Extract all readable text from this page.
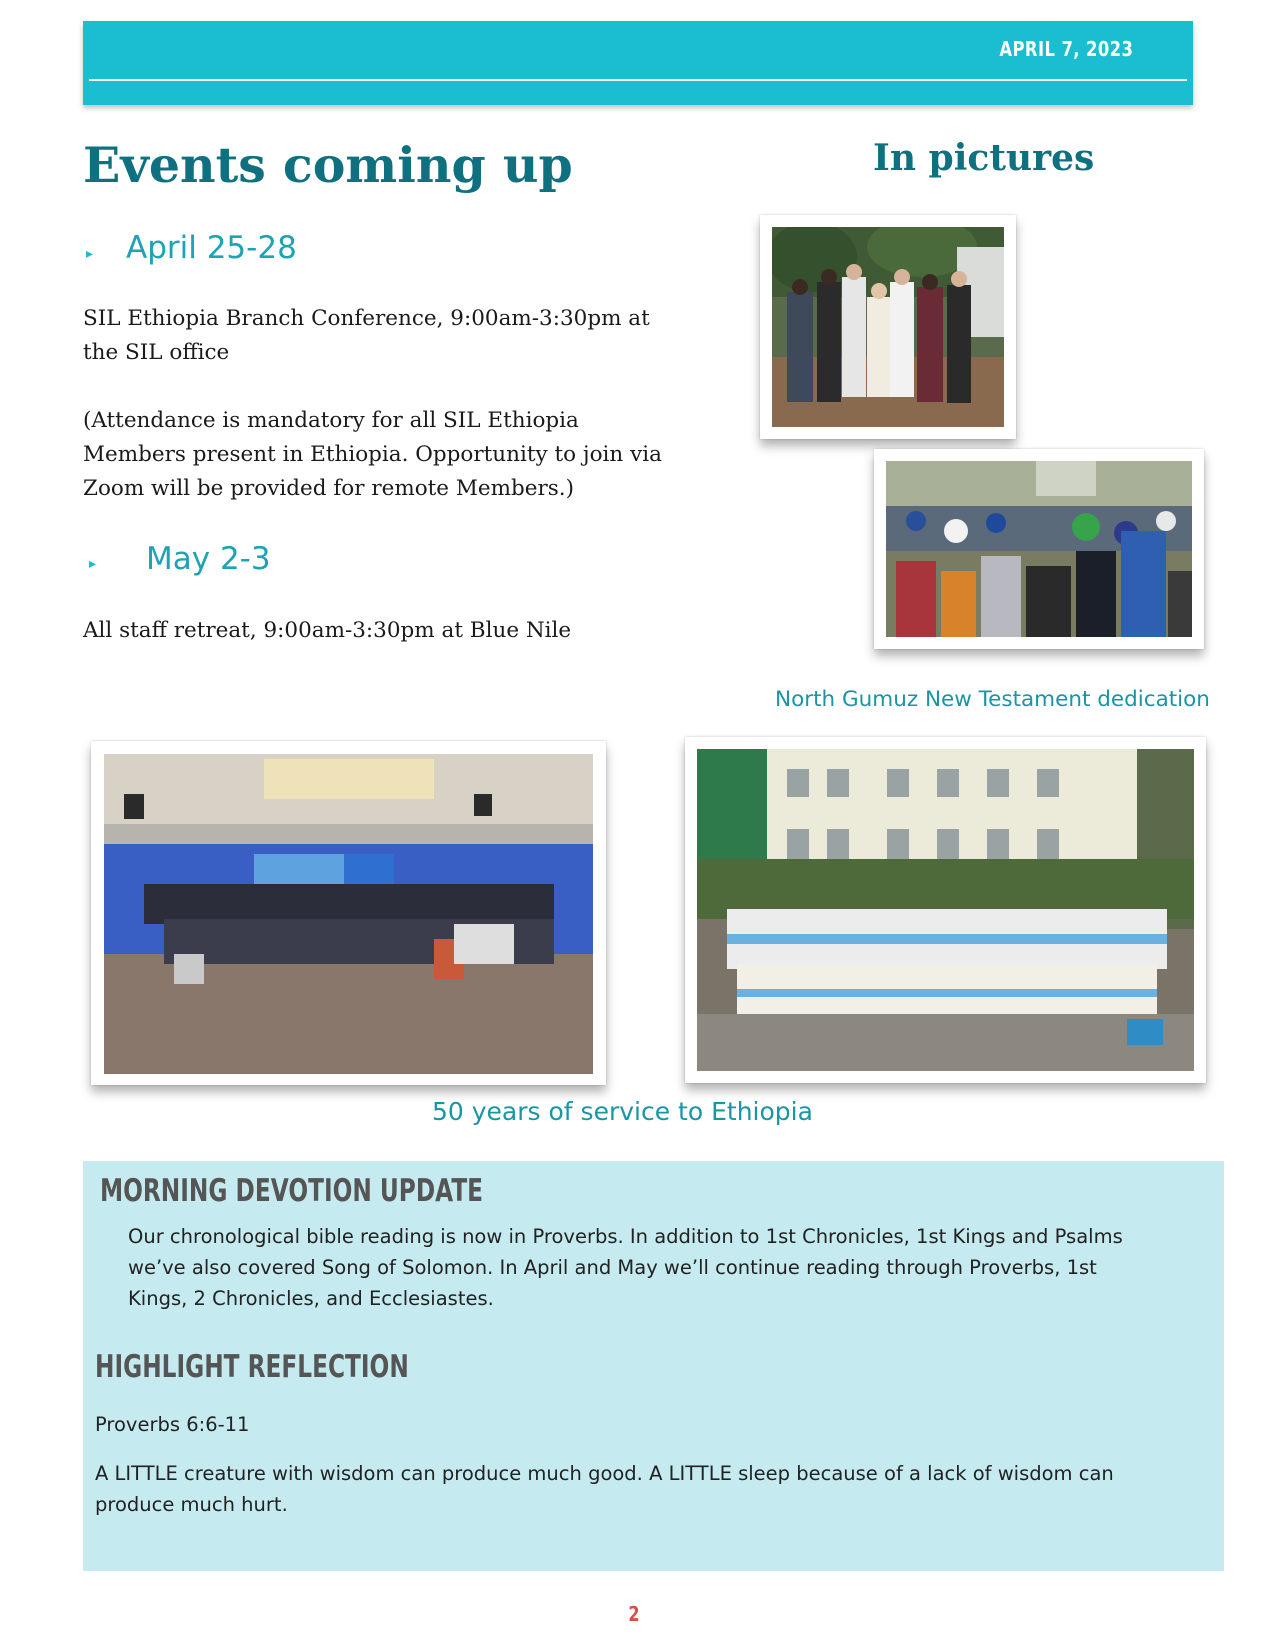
APRIL 7, 2023
Events coming up	In pictures
▸ April 25-28
SIL Ethiopia Branch Conference, 9:00am-3:30pm at the SIL office
(Attendance is mandatory for all SIL Ethiopia Members present in Ethiopia. Opportunity to join via Zoom will be provided for remote Members.)
▸ May 2-3
All staff retreat, 9:00am-3:30pm at Blue Nile
North Gumuz New Testament dedication
50 years of service to Ethiopia
MORNING DEVOTION UPDATE
Our chronological bible reading is now in Proverbs. In addition to 1st Chronicles, 1st Kings and Psalms we’ve also covered Song of Solomon. In April and May we’ll continue reading through Proverbs, 1st Kings, 2 Chronicles, and Ecclesiastes.
HIGHLIGHT REFLECTION
Proverbs 6:6-11
A LITTLE creature with wisdom can produce much good. A LITTLE sleep because of a lack of wisdom can produce much hurt.
2
